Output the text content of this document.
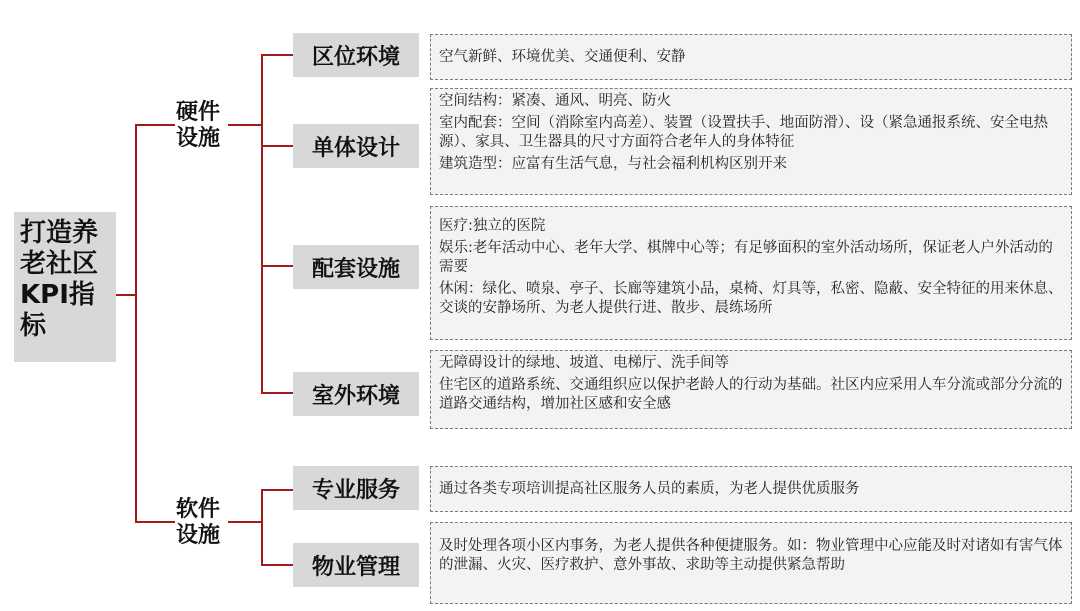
打造养老社区KPI指标
硬件设施
软件设施
区位环境
单体设计
配套设施
室外环境
专业服务
物业管理

空气新鲜、环境优美、交通便利、安静

空间结构：紧凑、通风、明亮、防火

室内配套：空间（消除室内高差）、装置（设置扶手、地面防滑）、设（紧急通报系统、安全电热源）、家具、卫生器具的尺寸方面符合老年人的身体特征

建筑造型：应富有生活气息，与社会福利机构区别开来

医疗:独立的医院

娱乐:老年活动中心、老年大学、棋牌中心等；有足够面积的室外活动场所，保证老人户外活动的需要

休闲：绿化、喷泉、亭子、长廊等建筑小品，桌椅、灯具等，私密、隐蔽、安全特征的用来休息、交谈的安静场所、为老人提供行进、散步、晨练场所

无障碍设计的绿地、坡道、电梯厅、洗手间等

住宅区的道路系统、交通组织应以保护老龄人的行动为基础。社区内应采用人车分流或部分分流的道路交通结构，增加社区感和安全感

通过各类专项培训提高社区服务人员的素质，为老人提供优质服务

及时处理各项小区内事务，为老人提供各种便捷服务。如：物业管理中心应能及时对诸如有害气体的泄漏、火灾、医疗救护、意外事故、求助等主动提供紧急帮助
